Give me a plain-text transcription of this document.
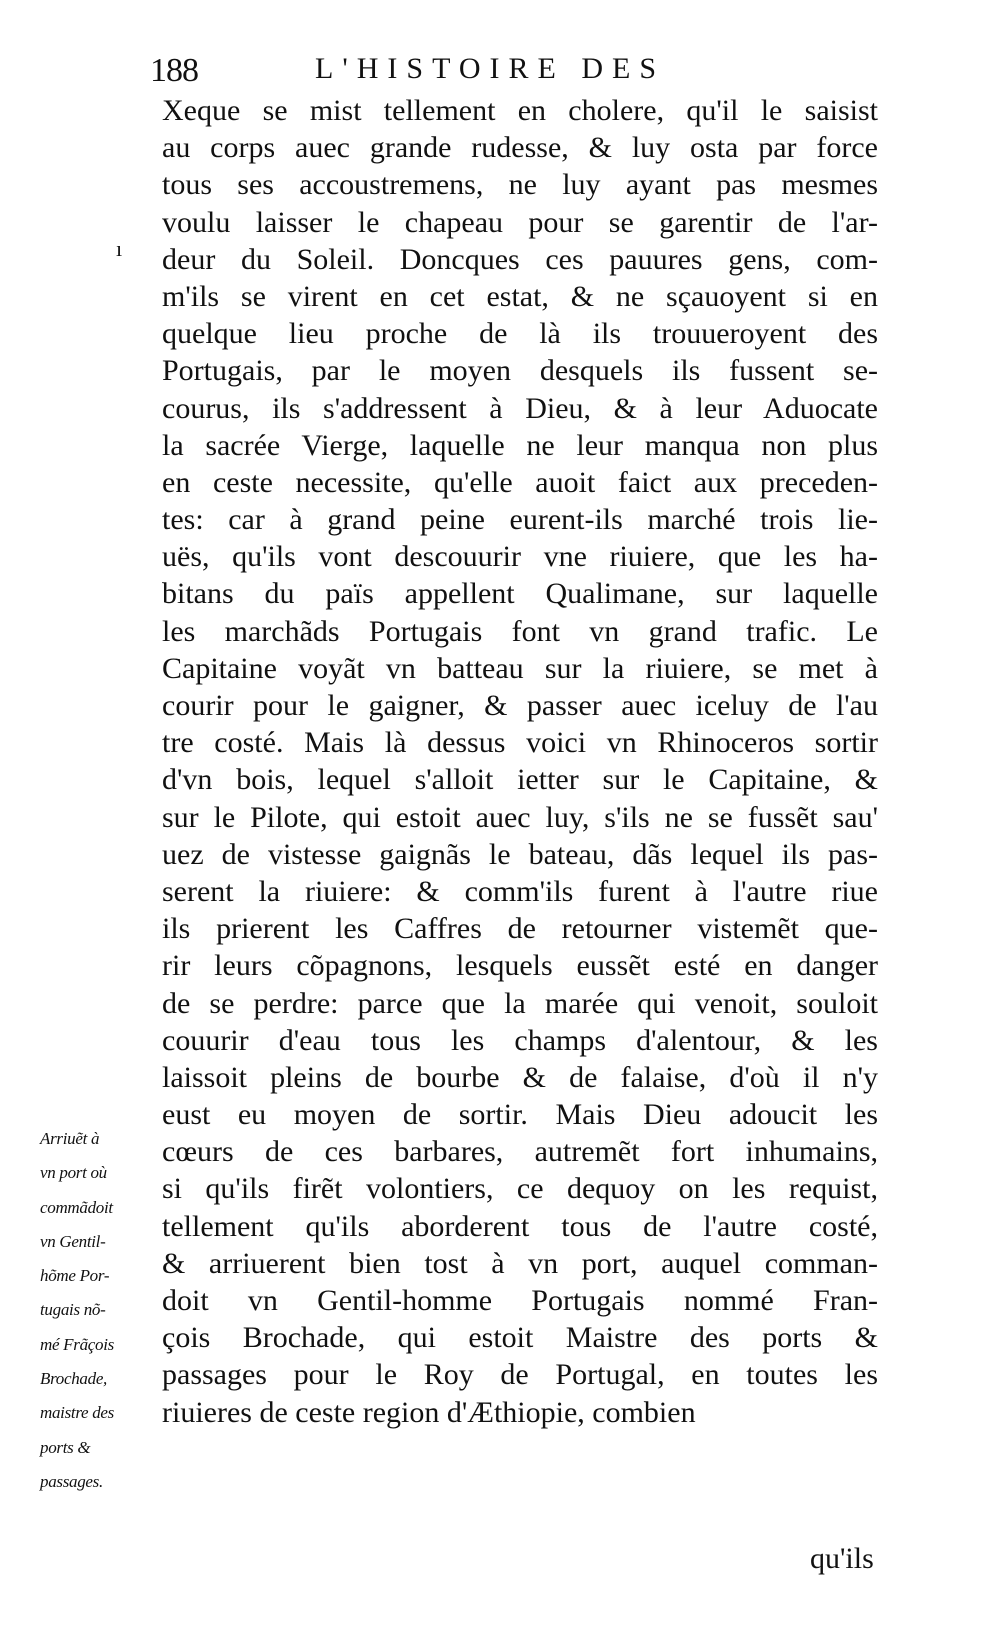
188	L'HISTOIRE DES
ı
Xeque se mist tellement en cholere, qu'il le saisist
au corps auec grande rudesse, & luy osta par force
tous ses accoustremens, ne luy ayant pas mesmes
voulu laisser le chapeau pour se garentir de l'ar-
deur du Soleil. Doncques ces pauures gens, com-
m'ils se virent en cet estat, & ne sçauoyent si en
quelque lieu proche de là ils trouueroyent des
Portugais, par le moyen desquels ils fussent se-
courus, ils s'addressent à Dieu, & à leur Aduocate
la sacrée Vierge, laquelle ne leur manqua non plus
en ceste necessite, qu'elle auoit faict aux preceden-
tes: car à grand peine eurent-ils marché trois lie-
uës, qu'ils vont descouurir vne riuiere, que les ha-
bitans du païs appellent Qualimane, sur laquelle
les marchãds Portugais font vn grand trafic. Le
Capitaine voyãt vn batteau sur la riuiere, se met à
courir pour le gaigner, & passer auec iceluy de l'au
tre costé. Mais là dessus voici vn Rhinoceros sortir
d'vn bois, lequel s'alloit ietter sur le Capitaine, &
sur le Pilote, qui estoit auec luy, s'ils ne se fussẽt sau'
uez de vistesse gaignãs le bateau, dãs lequel ils pas-
serent la riuiere: & comm'ils furent à l'autre riue
ils prierent les Caffres de retourner vistemẽt que-
rir leurs cõpagnons, lesquels eussẽt esté en danger
de se perdre: parce que la marée qui venoit, souloit
couurir d'eau tous les champs d'alentour, & les
laissoit pleins de bourbe & de falaise, d'où il n'y
eust eu moyen de sortir. Mais Dieu adoucit les
cœurs de ces barbares, autremẽt fort inhumains,
si qu'ils firẽt volontiers, ce dequoy on les requist,
tellement qu'ils aborderent tous de l'autre costé,
& arriuerent bien tost à vn port, auquel comman-
doit vn Gentil-homme Portugais nommé Fran-
çois Brochade, qui estoit Maistre des ports &
passages pour le Roy de Portugal, en toutes les
riuieres de ceste region d'Æthiopie, combien
Arriuẽt à
vn port où
commãdoit
vn Gentil-
hõme Por-
tugais nõ-
mé Frãçois
Brochade,
maistre des
ports &
passages.
qu'ils
